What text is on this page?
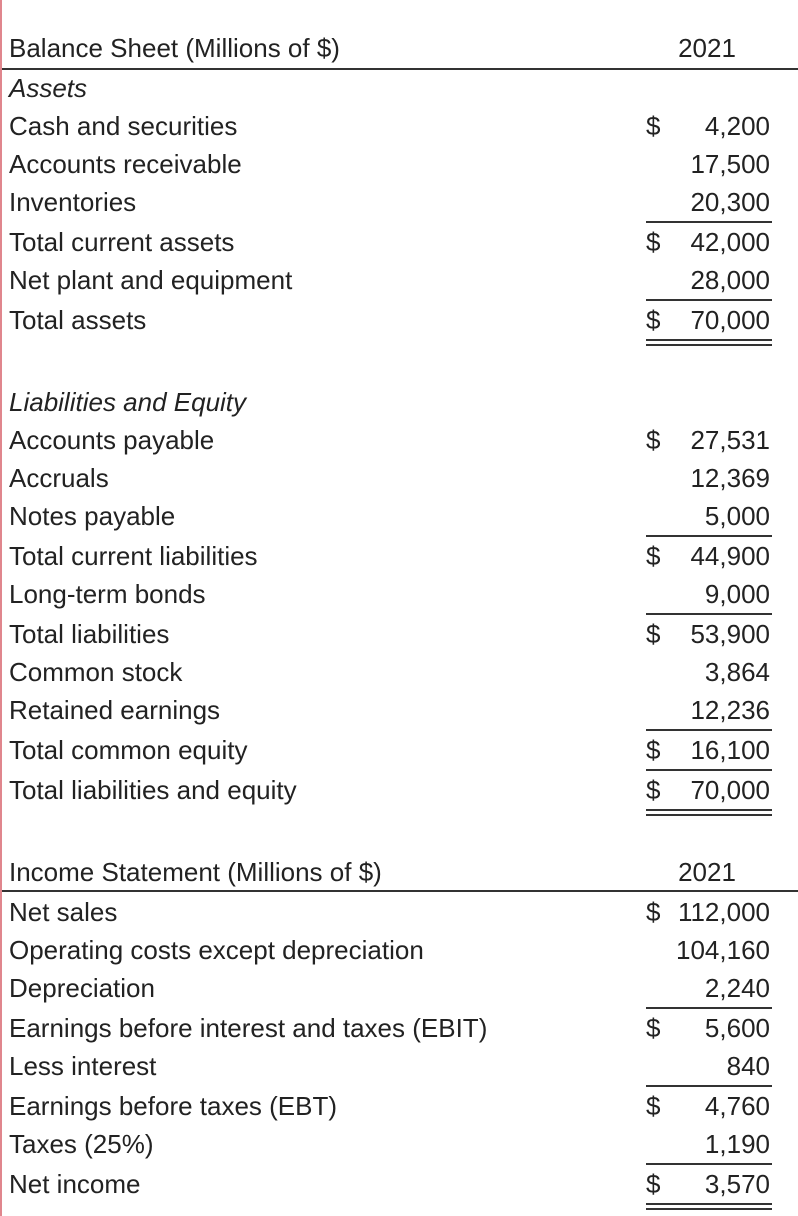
Balance Sheet (Millions of $)	2021
Assets
Cash and securities	$ 4,200
Accounts receivable	17,500
Inventories	20,300
Total current assets	$ 42,000
Net plant and equipment	28,000
Total assets	$ 70,000
Liabilities and Equity
Accounts payable	$ 27,531
Accruals	12,369
Notes payable	5,000
Total current liabilities	$ 44,900
Long-term bonds	9,000
Total liabilities	$ 53,900
Common stock	3,864
Retained earnings	12,236
Total common equity	$ 16,100
Total liabilities and equity	$ 70,000
Income Statement (Millions of $)	2021
Net sales	$ 112,000
Operating costs except depreciation	104,160
Depreciation	2,240
Earnings before interest and taxes (EBIT)	$ 5,600
Less interest	840
Earnings before taxes (EBT)	$ 4,760
Taxes (25%)	1,190
Net income	$ 3,570
